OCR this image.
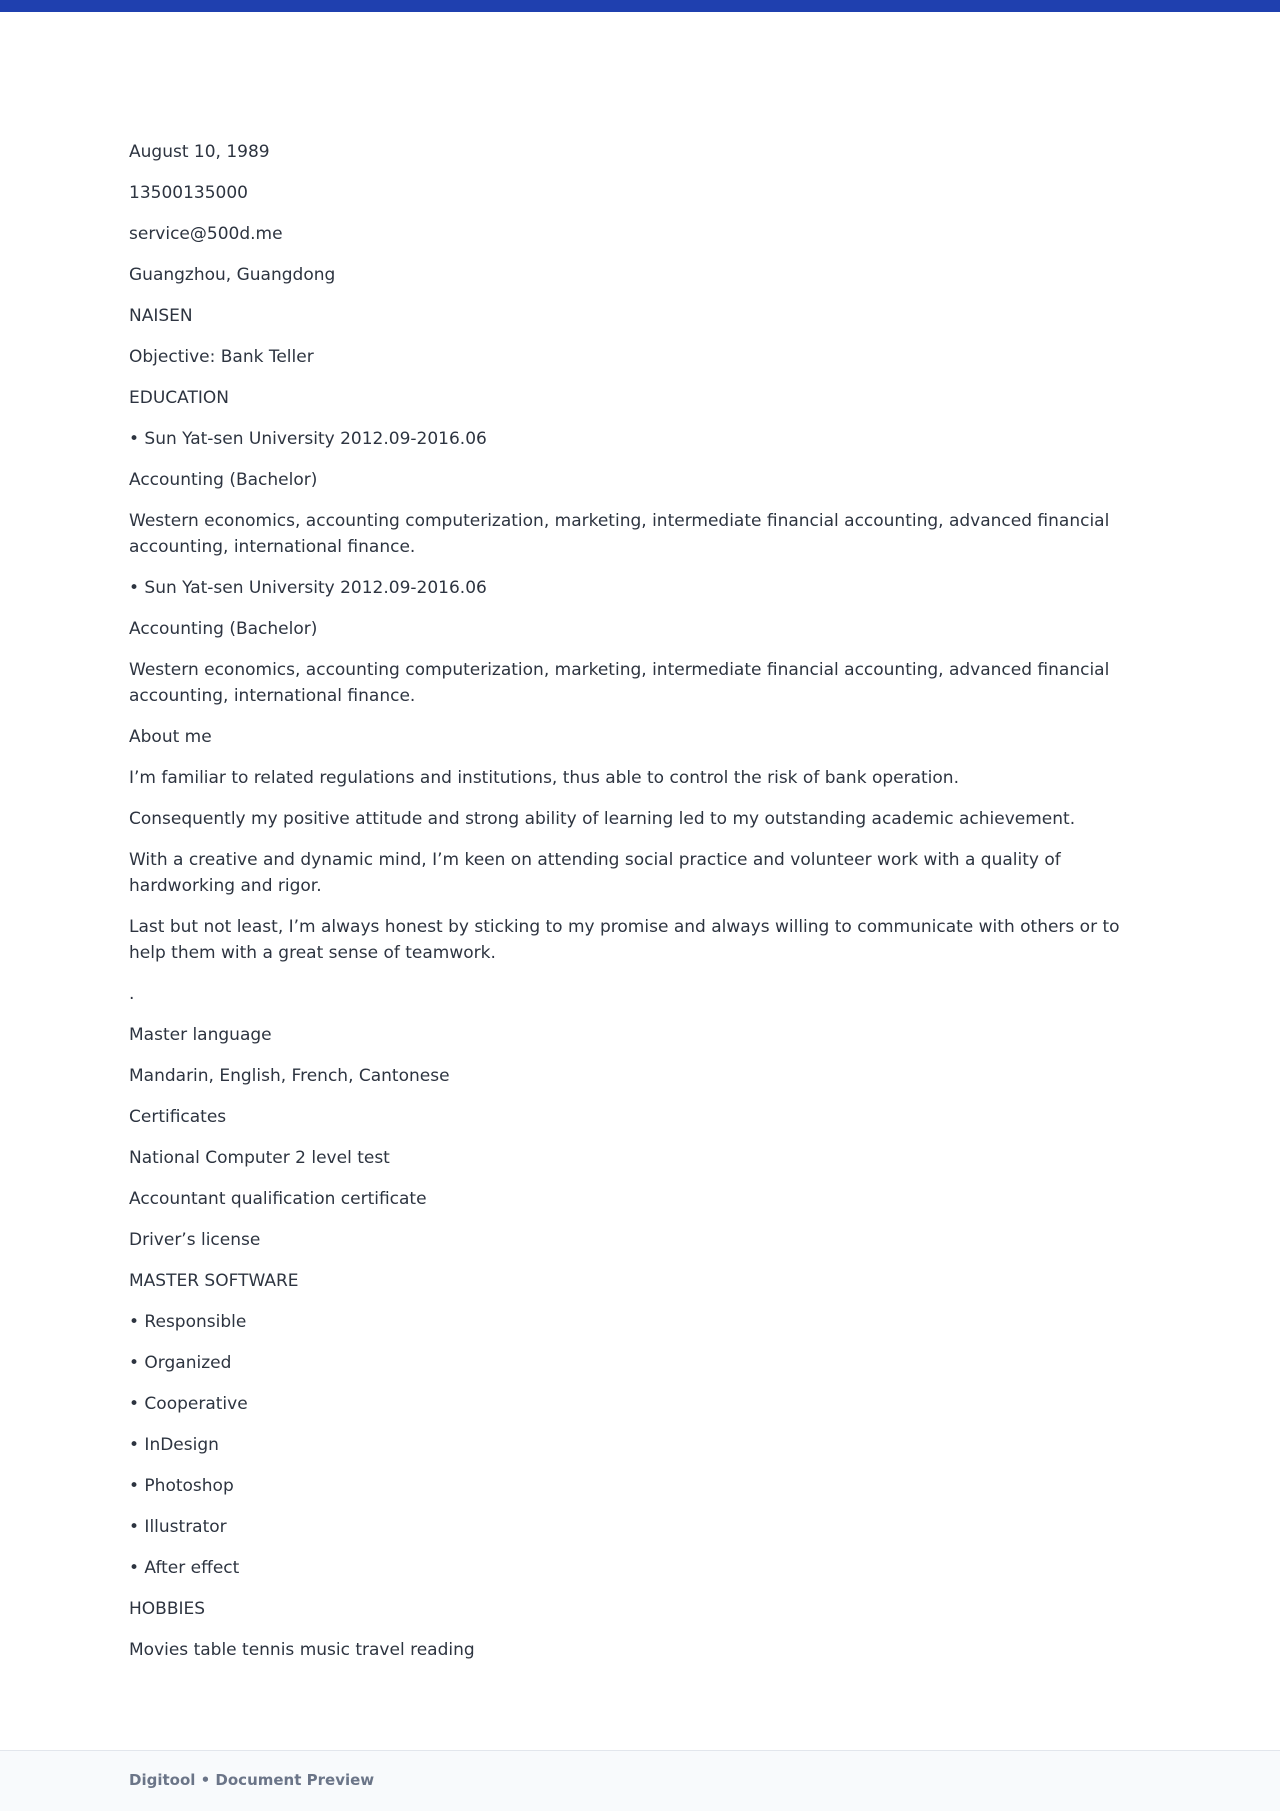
August 10, 1989

13500135000

service@500d.me

Guangzhou, Guangdong

NAISEN

Objective: Bank Teller

EDUCATION

• Sun Yat-sen University 2012.09-2016.06

Accounting (Bachelor)

Western economics, accounting computerization, marketing, intermediate financial accounting, advanced financial accounting, international finance.

• Sun Yat-sen University 2012.09-2016.06

Accounting (Bachelor)

Western economics, accounting computerization, marketing, intermediate financial accounting, advanced financial accounting, international finance.

About me

I’m familiar to related regulations and institutions, thus able to control the risk of bank operation.

Consequently my positive attitude and strong ability of learning led to my outstanding academic achievement.

With a creative and dynamic mind, I’m keen on attending social practice and volunteer work with a quality of hardworking and rigor.

Last but not least, I’m always honest by sticking to my promise and always willing to communicate with others or to help them with a great sense of teamwork.

.

Master language

Mandarin, English, French, Cantonese

Certificates

National Computer 2 level test

Accountant qualification certificate

Driver’s license

MASTER SOFTWARE

• Responsible

• Organized

• Cooperative

• InDesign

• Photoshop

• Illustrator

• After effect

HOBBIES

Movies table tennis music travel reading

Digitool • Document Preview
